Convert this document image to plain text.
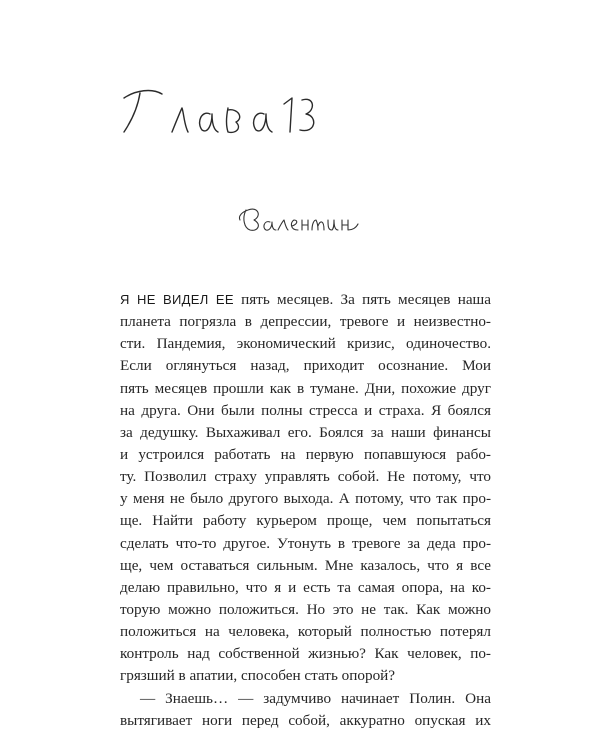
Я НЕ ВИДЕЛ ЕЕ пять месяцев. За пять месяцев наша
планета погрязла в депрессии, тревоге и неизвестно-
сти. Пандемия, экономический кризис, одиночество.
Если оглянуться назад, приходит осознание. Мои
пять месяцев прошли как в тумане. Дни, похожие друг
на друга. Они были полны стресса и страха. Я боялся
за дедушку. Выхаживал его. Боялся за наши финансы
и устроился работать на первую попавшуюся рабо-
ту. Позволил страху управлять собой. Не потому, что
у меня не было другого выхода. А потому, что так про-
ще. Найти работу курьером проще, чем попытаться
сделать что-то другое. Утонуть в тревоге за деда про-
ще, чем оставаться сильным. Мне казалось, что я все
делаю правильно, что я и есть та самая опора, на ко-
торую можно положиться. Но это не так. Как можно
положиться на человека, который полностью потерял
контроль над собственной жизнью? Как человек, по-
грязший в апатии, способен стать опорой?
— Знаешь… — задумчиво начинает Полин. Она
вытягивает ноги перед собой, аккуратно опуская их
